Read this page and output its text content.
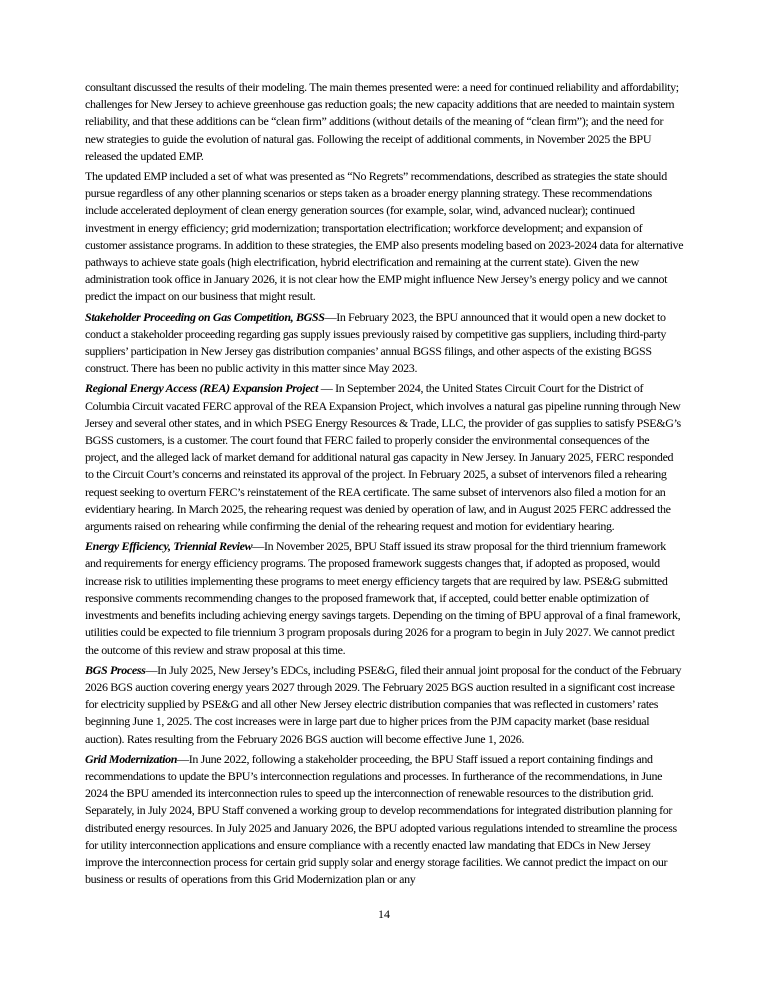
consultant discussed the results of their modeling. The main themes presented were: a need for continued reliability and affordability; challenges for New Jersey to achieve greenhouse gas reduction goals; the new capacity additions that are needed to maintain system reliability, and that these additions can be “clean firm” additions (without details of the meaning of “clean firm”); and the need for new strategies to guide the evolution of natural gas. Following the receipt of additional comments, in November 2025 the BPU released the updated EMP.

The updated EMP included a set of what was presented as “No Regrets” recommendations, described as strategies the state should pursue regardless of any other planning scenarios or steps taken as a broader energy planning strategy. These recommendations include accelerated deployment of clean energy generation sources (for example, solar, wind, advanced nuclear); continued investment in energy efficiency; grid modernization; transportation electrification; workforce development; and expansion of customer assistance programs. In addition to these strategies, the EMP also presents modeling based on 2023-2024 data for alternative pathways to achieve state goals (high electrification, hybrid electrification and remaining at the current state). Given the new administration took office in January 2026, it is not clear how the EMP might influence New Jersey’s energy policy and we cannot predict the impact on our business that might result.

Stakeholder Proceeding on Gas Competition, BGSS—In February 2023, the BPU announced that it would open a new docket to conduct a stakeholder proceeding regarding gas supply issues previously raised by competitive gas suppliers, including third-party suppliers’ participation in New Jersey gas distribution companies’ annual BGSS filings, and other aspects of the existing BGSS construct. There has been no public activity in this matter since May 2023.

Regional Energy Access (REA) Expansion Project — In September 2024, the United States Circuit Court for the District of Columbia Circuit vacated FERC approval of the REA Expansion Project, which involves a natural gas pipeline running through New Jersey and several other states, and in which PSEG Energy Resources & Trade, LLC, the provider of gas supplies to satisfy PSE&G’s BGSS customers, is a customer. The court found that FERC failed to properly consider the environmental consequences of the project, and the alleged lack of market demand for additional natural gas capacity in New Jersey. In January 2025, FERC responded to the Circuit Court’s concerns and reinstated its approval of the project. In February 2025, a subset of intervenors filed a rehearing request seeking to overturn FERC’s reinstatement of the REA certificate. The same subset of intervenors also filed a motion for an evidentiary hearing. In March 2025, the rehearing request was denied by operation of law, and in August 2025 FERC addressed the arguments raised on rehearing while confirming the denial of the rehearing request and motion for evidentiary hearing.

Energy Efficiency, Triennial Review—In November 2025, BPU Staff issued its straw proposal for the third triennium framework and requirements for energy efficiency programs. The proposed framework suggests changes that, if adopted as proposed, would increase risk to utilities implementing these programs to meet energy efficiency targets that are required by law. PSE&G submitted responsive comments recommending changes to the proposed framework that, if accepted, could better enable optimization of investments and benefits including achieving energy savings targets. Depending on the timing of BPU approval of a final framework, utilities could be expected to file triennium 3 program proposals during 2026 for a program to begin in July 2027. We cannot predict the outcome of this review and straw proposal at this time.

BGS Process—In July 2025, New Jersey’s EDCs, including PSE&G, filed their annual joint proposal for the conduct of the February 2026 BGS auction covering energy years 2027 through 2029. The February 2025 BGS auction resulted in a significant cost increase for electricity supplied by PSE&G and all other New Jersey electric distribution companies that was reflected in customers’ rates beginning June 1, 2025. The cost increases were in large part due to higher prices from the PJM capacity market (base residual auction). Rates resulting from the February 2026 BGS auction will become effective June 1, 2026.

Grid Modernization—In June 2022, following a stakeholder proceeding, the BPU Staff issued a report containing findings and recommendations to update the BPU’s interconnection regulations and processes. In furtherance of the recommendations, in June 2024 the BPU amended its interconnection rules to speed up the interconnection of renewable resources to the distribution grid. Separately, in July 2024, BPU Staff convened a working group to develop recommendations for integrated distribution planning for distributed energy resources. In July 2025 and January 2026, the BPU adopted various regulations intended to streamline the process for utility interconnection applications and ensure compliance with a recently enacted law mandating that EDCs in New Jersey improve the interconnection process for certain grid supply solar and energy storage facilities. We cannot predict the impact on our business or results of operations from this Grid Modernization plan or any

14
